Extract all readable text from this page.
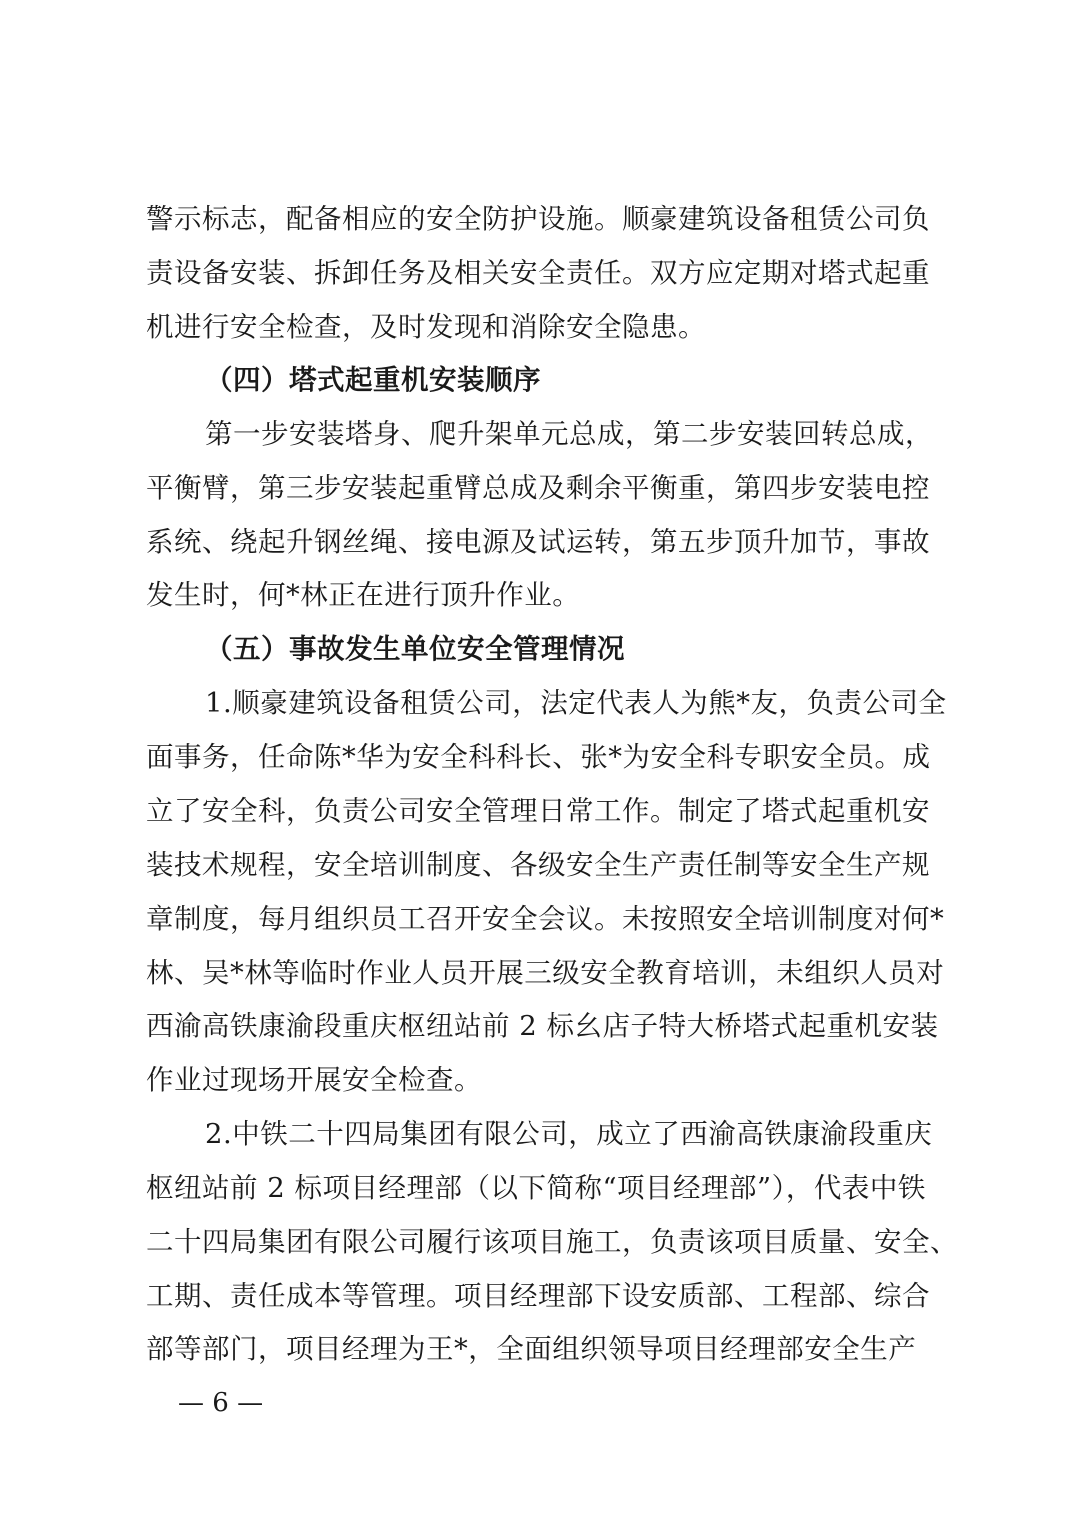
警示标志，配备相应的安全防护设施。顺豪建筑设备租赁公司负
责设备安装、拆卸任务及相关安全责任。双方应定期对塔式起重
机进行安全检查，及时发现和消除安全隐患。
（四）塔式起重机安装顺序
第一步安装塔身、爬升架单元总成，第二步安装回转总成，
平衡臂，第三步安装起重臂总成及剩余平衡重，第四步安装电控
系统、绕起升钢丝绳、接电源及试运转，第五步顶升加节，事故
发生时，何*林正在进行顶升作业。
（五）事故发生单位安全管理情况
1.顺豪建筑设备租赁公司，法定代表人为熊*友，负责公司全
面事务，任命陈*华为安全科科长、张*为安全科专职安全员。成
立了安全科，负责公司安全管理日常工作。制定了塔式起重机安
装技术规程，安全培训制度、各级安全生产责任制等安全生产规
章制度，每月组织员工召开安全会议。未按照安全培训制度对何*
林、吴*林等临时作业人员开展三级安全教育培训，未组织人员对
西渝高铁康渝段重庆枢纽站前 2 标幺店子特大桥塔式起重机安装
作业过现场开展安全检查。
2.中铁二十四局集团有限公司，成立了西渝高铁康渝段重庆
枢纽站前 2 标项目经理部（以下简称“项目经理部”），代表中铁
二十四局集团有限公司履行该项目施工，负责该项目质量、安全、
工期、责任成本等管理。项目经理部下设安质部、工程部、综合
部等部门，项目经理为王*，全面组织领导项目经理部安全生产
— 6 —
